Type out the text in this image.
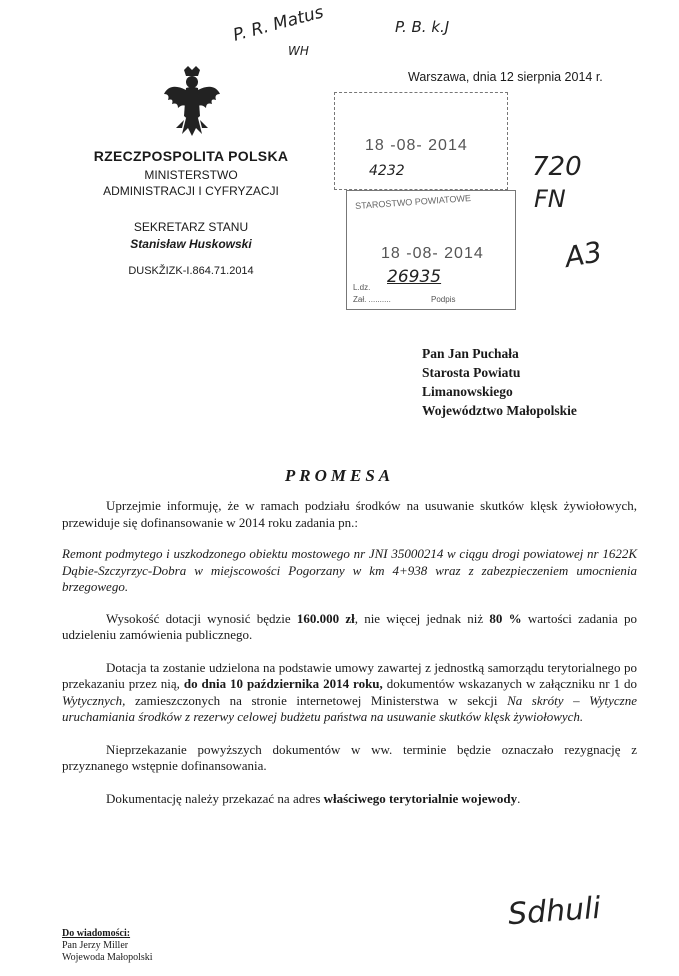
P. R. Matus
WH
P. B. k.J
720
FN
A3
RZECZPOSPOLITA POLSKA
MINISTERSTWO
ADMINISTRACJI I CYFRYZACJI
SEKRETARZ STANU
Stanisław Huskowski
DUSKŽIZK-I.864.71.2014
Warszawa, dnia 12 sierpnia 2014 r.
18 -08- 2014
4232
STAROSTWO POWIATOWE
18 -08- 2014
26935
L.dz.
Zał. ..........	Podpis
Pan Jan Puchała
Starosta Powiatu
Limanowskiego
Województwo Małopolskie
PROMESA

Uprzejmie informuję, że w ramach podziału środków na usuwanie skutków klęsk żywiołowych, przewiduje się dofinansowanie w 2014 roku zadania pn.:

Remont podmytego i uszkodzonego obiektu mostowego nr JNI 35000214 w ciągu drogi powiatowej nr 1622K Dąbie-Szczyrzyc-Dobra w miejscowości Pogorzany w km 4+938 wraz z zabezpieczeniem umocnienia brzegowego.

Wysokość dotacji wynosić będzie 160.000 zł, nie więcej jednak niż 80 % wartości zadania po udzieleniu zamówienia publicznego.

Dotacja ta zostanie udzielona na podstawie umowy zawartej z jednostką samorządu terytorialnego po przekazaniu przez nią, do dnia 10 października 2014 roku, dokumentów wskazanych w załączniku nr 1 do Wytycznych, zamieszczonych na stronie internetowej Ministerstwa w sekcji Na skróty – Wytyczne uruchamiania środków z rezerwy celowej budżetu państwa na usuwanie skutków klęsk żywiołowych.

Nieprzekazanie powyższych dokumentów w ww. terminie będzie oznaczało rezygnację z przyznanego wstępnie dofinansowania.

Dokumentację należy przekazać na adres właściwego terytorialnie wojewody.

Sdhuli
Do wiadomości:
Pan Jerzy Miller
Wojewoda Małopolski
